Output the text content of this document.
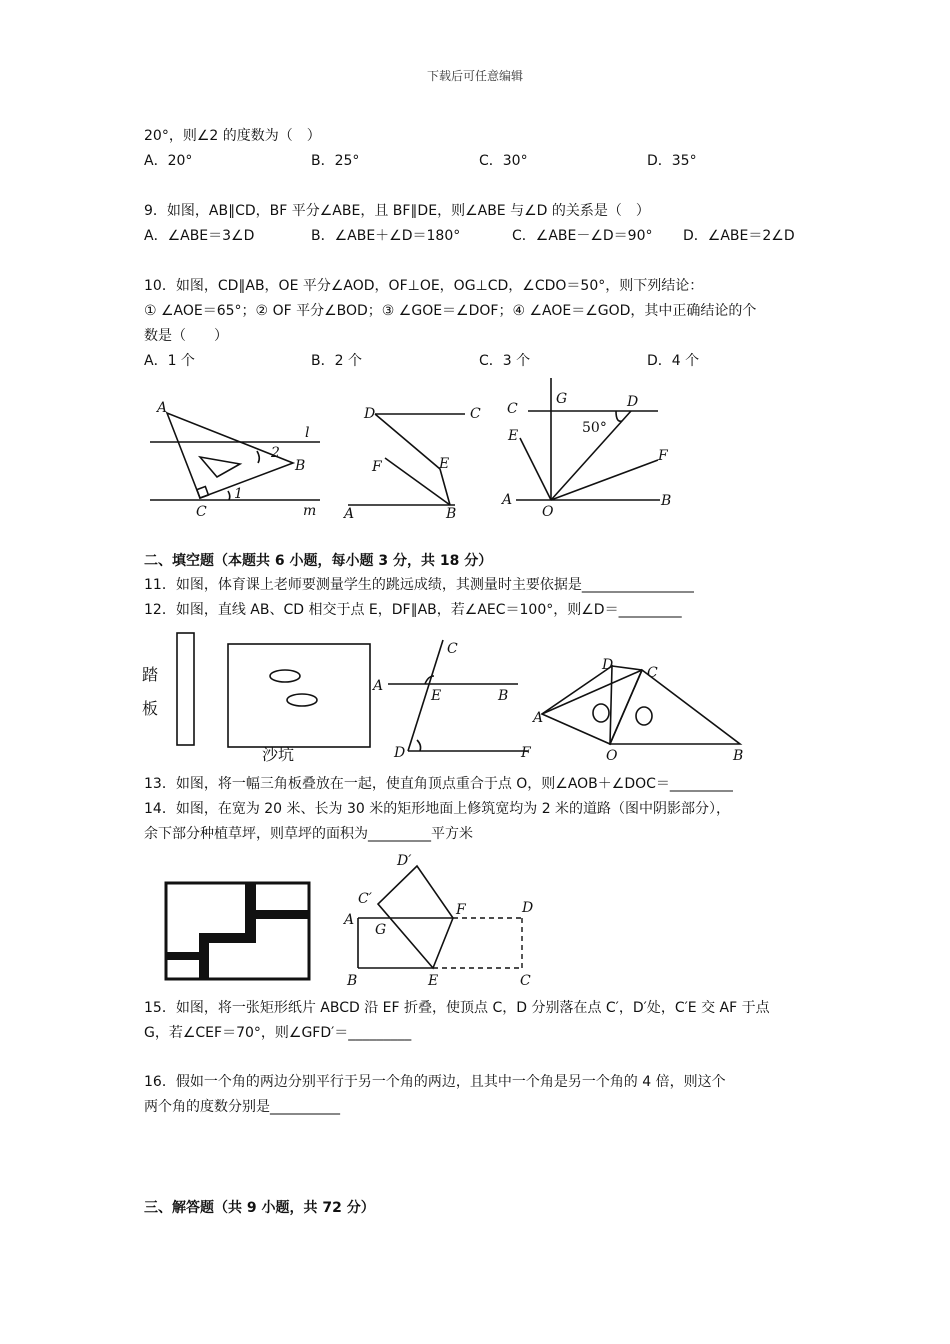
下载后可任意编辑
20°，则∠2 的度数为（　）
A．20°	B．25°	C．30°	D．35°
9．如图，AB∥CD，BF 平分∠ABE，且 BF∥DE，则∠ABE 与∠D 的关系是（　）
A．∠ABE＝3∠D	B．∠ABE＋∠D＝180°	C．∠ABE－∠D＝90° D．∠ABE＝2∠D
10．如图，CD∥AB，OE 平分∠AOD，OF⊥OE，OG⊥CD，∠CDO＝50°，则下列结论：
① ∠AOE＝65°；② OF 平分∠BOD；③ ∠GOE＝∠DOF；④ ∠AOE＝∠GOD，其中正确结论的个
数是（　　）
A．1 个	B．2 个	C．3 个	D．4 个
A
l
2
B
1
C	m
D	C
E
F
A	B
C
G	D
50°
E
F
A
O
B
二、填空题（本题共 6 小题，每小题 3 分，共 18 分）
11．如图，体育课上老师要测量学生的跳远成绩，其测量时主要依据是________________
12．如图，直线 AB、CD 相交于点 E，DF∥AB，若∠AEC＝100°，则∠D＝_________
踏
板
沙坑
C
A
E	B
D	F
D C
A
O	B
13．如图，将一幅三角板叠放在一起，使直角顶点重合于点 O，则∠AOB＋∠DOC＝_________
14．如图，在宽为 20 米、长为 30 米的矩形地面上修筑宽均为 2 米的道路（图中阴影部分），
余下部分种植草坪，则草坪的面积为_________平方米
D′
C′
A
G
F	D
B	E	C
15．如图，将一张矩形纸片 ABCD 沿 EF 折叠，使顶点 C，D 分别落在点 C′，D′处，C′E 交 AF 于点
G，若∠CEF＝70°，则∠GFD′＝_________
16．假如一个角的两边分别平行于另一个角的两边，且其中一个角是另一个角的 4 倍，则这个
两个角的度数分别是__________
三、解答题（共 9 小题，共 72 分）
